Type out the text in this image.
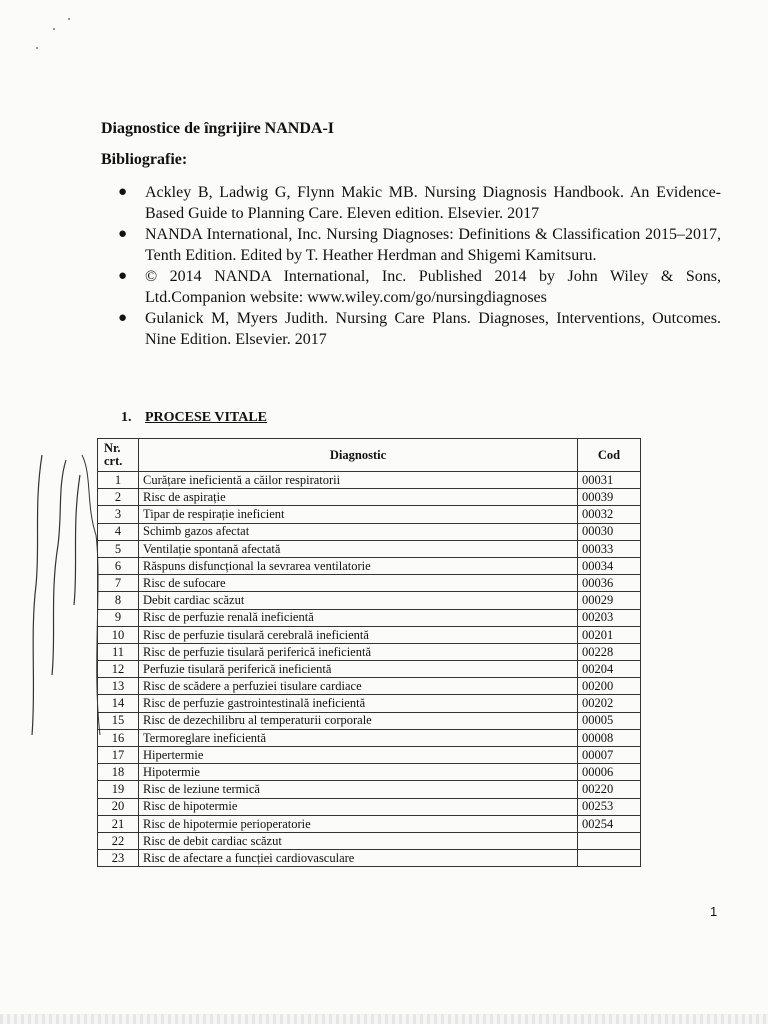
Diagnostice de îngrijire NANDA-I
Bibliografie:
● Ackley B, Ladwig G, Flynn Makic MB. Nursing Diagnosis Handbook. An Evidence-Based Guide to Planning Care. Eleven edition. Elsevier. 2017
● NANDA International, Inc. Nursing Diagnoses: Definitions & Classification 2015–2017, Tenth Edition. Edited by T. Heather Herdman and Shigemi Kamitsuru.
● © 2014 NANDA International, Inc. Published 2014 by John Wiley & Sons, Ltd.Companion website: www.wiley.com/go/nursingdiagnoses
● Gulanick M, Myers Judith. Nursing Care Plans. Diagnoses, Interventions, Outcomes. Nine Edition. Elsevier. 2017
1. PROCESE VITALE
Nr.
crt.	Diagnostic	Cod
1	Curățare ineficientă a căilor respiratorii	00031
2	Risc de aspirație	00039
3	Tipar de respirație ineficient	00032
4	Schimb gazos afectat	00030
5	Ventilație spontană afectată	00033
6	Răspuns disfuncțional la sevrarea ventilatorie	00034
7	Risc de sufocare	00036
8	Debit cardiac scăzut	00029
9	Risc de perfuzie renală ineficientă	00203
10	Risc de perfuzie tisulară cerebrală ineficientă	00201
11	Risc de perfuzie tisulară periferică ineficientă	00228
12	Perfuzie tisulară periferică ineficientă	00204
13	Risc de scădere a perfuziei tisulare cardiace	00200
14	Risc de perfuzie gastrointestinală ineficientă	00202
15	Risc de dezechilibru al temperaturii corporale	00005
16	Termoreglare ineficientă	00008
17	Hipertermie	00007
18	Hipotermie	00006
19	Risc de leziune termică	00220
20	Risc de hipotermie	00253
21	Risc de hipotermie perioperatorie	00254
22	Risc de debit cardiac scăzut	
23	Risc de afectare a funcției cardiovasculare	
1
